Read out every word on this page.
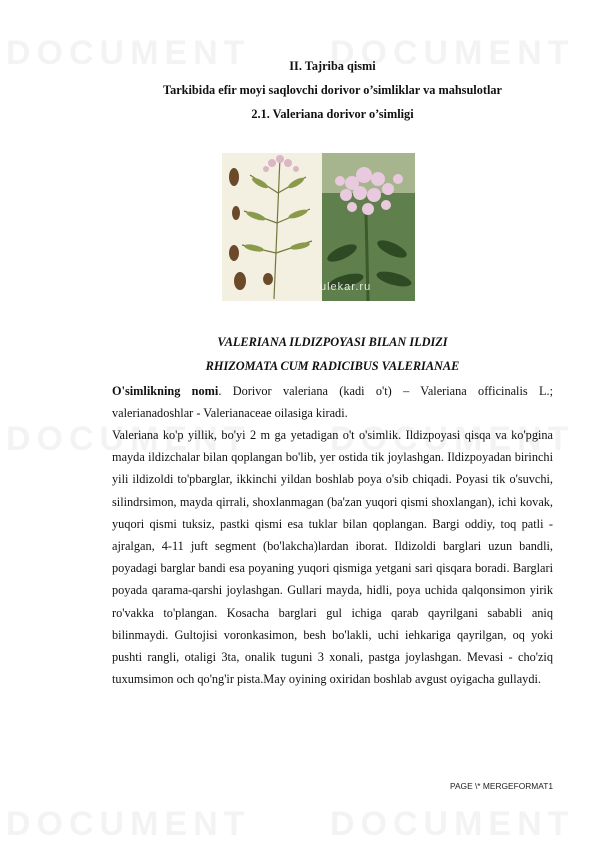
II. Tajriba qismi
Tarkibida efir moyi saqlovchi dorivor o’simliklar va mahsulotlar
2.1. Valeriana dorivor o’simligi
ulekar.ru
VALERIANA ILDIZPOYASI BILAN ILDIZI
RHIZOMATA CUM RADICIBUS VALERIANAE

O'simlikning nomi. Dorivor valeriana (kadi o't) – Valeriana officinalis L.; valerianadoshlar - Valerianaceae oilasiga kiradi.

Valeriana ko'p yillik, bo'yi 2 m ga yetadigan o't o'simlik. Ildizpoyasi qisqa va ko'pgina mayda ildizchalar bilan qoplangan bo'lib, yer ostida tik joylashgan. Ildizpoyadan birinchi yili ildizoldi to'pbarglar, ikkinchi yildan boshlab poya o'sib chiqadi. Poyasi tik o'suvchi, silindrsimon, mayda qirrali, shoxlanmagan (ba'zan yuqori qismi shoxlangan), ichi kovak, yuqori qismi tuksiz, pastki qismi esa tuklar bilan qoplangan. Bargi oddiy, toq patli - ajralgan, 4-11 juft segment (bo'lakcha)lardan iborat. Ildizoldi barglari uzun bandli, poyadagi barglar bandi esa poyaning yuqori qismiga yetgani sari qisqara boradi. Barglari poyada qarama-qarshi joylashgan. Gullari mayda, hidli, poya uchida qalqonsimon yirik ro'vakka to'plangan. Kosacha barglari gul ichiga qarab qayrilgani sababli aniq bilinmaydi. Gultojisi voronkasimon, besh bo'lakli, uchi iehkariga qayrilgan, oq yoki pushti rangli, otaligi 3ta, onalik tuguni 3 xonali, pastga joylashgan. Mevasi - cho'ziq tuxumsimon och qo'ng'ir pista.May oyining oxiridan boshlab avgust oyigacha gullaydi.

PAGE \* MERGEFORMAT1
